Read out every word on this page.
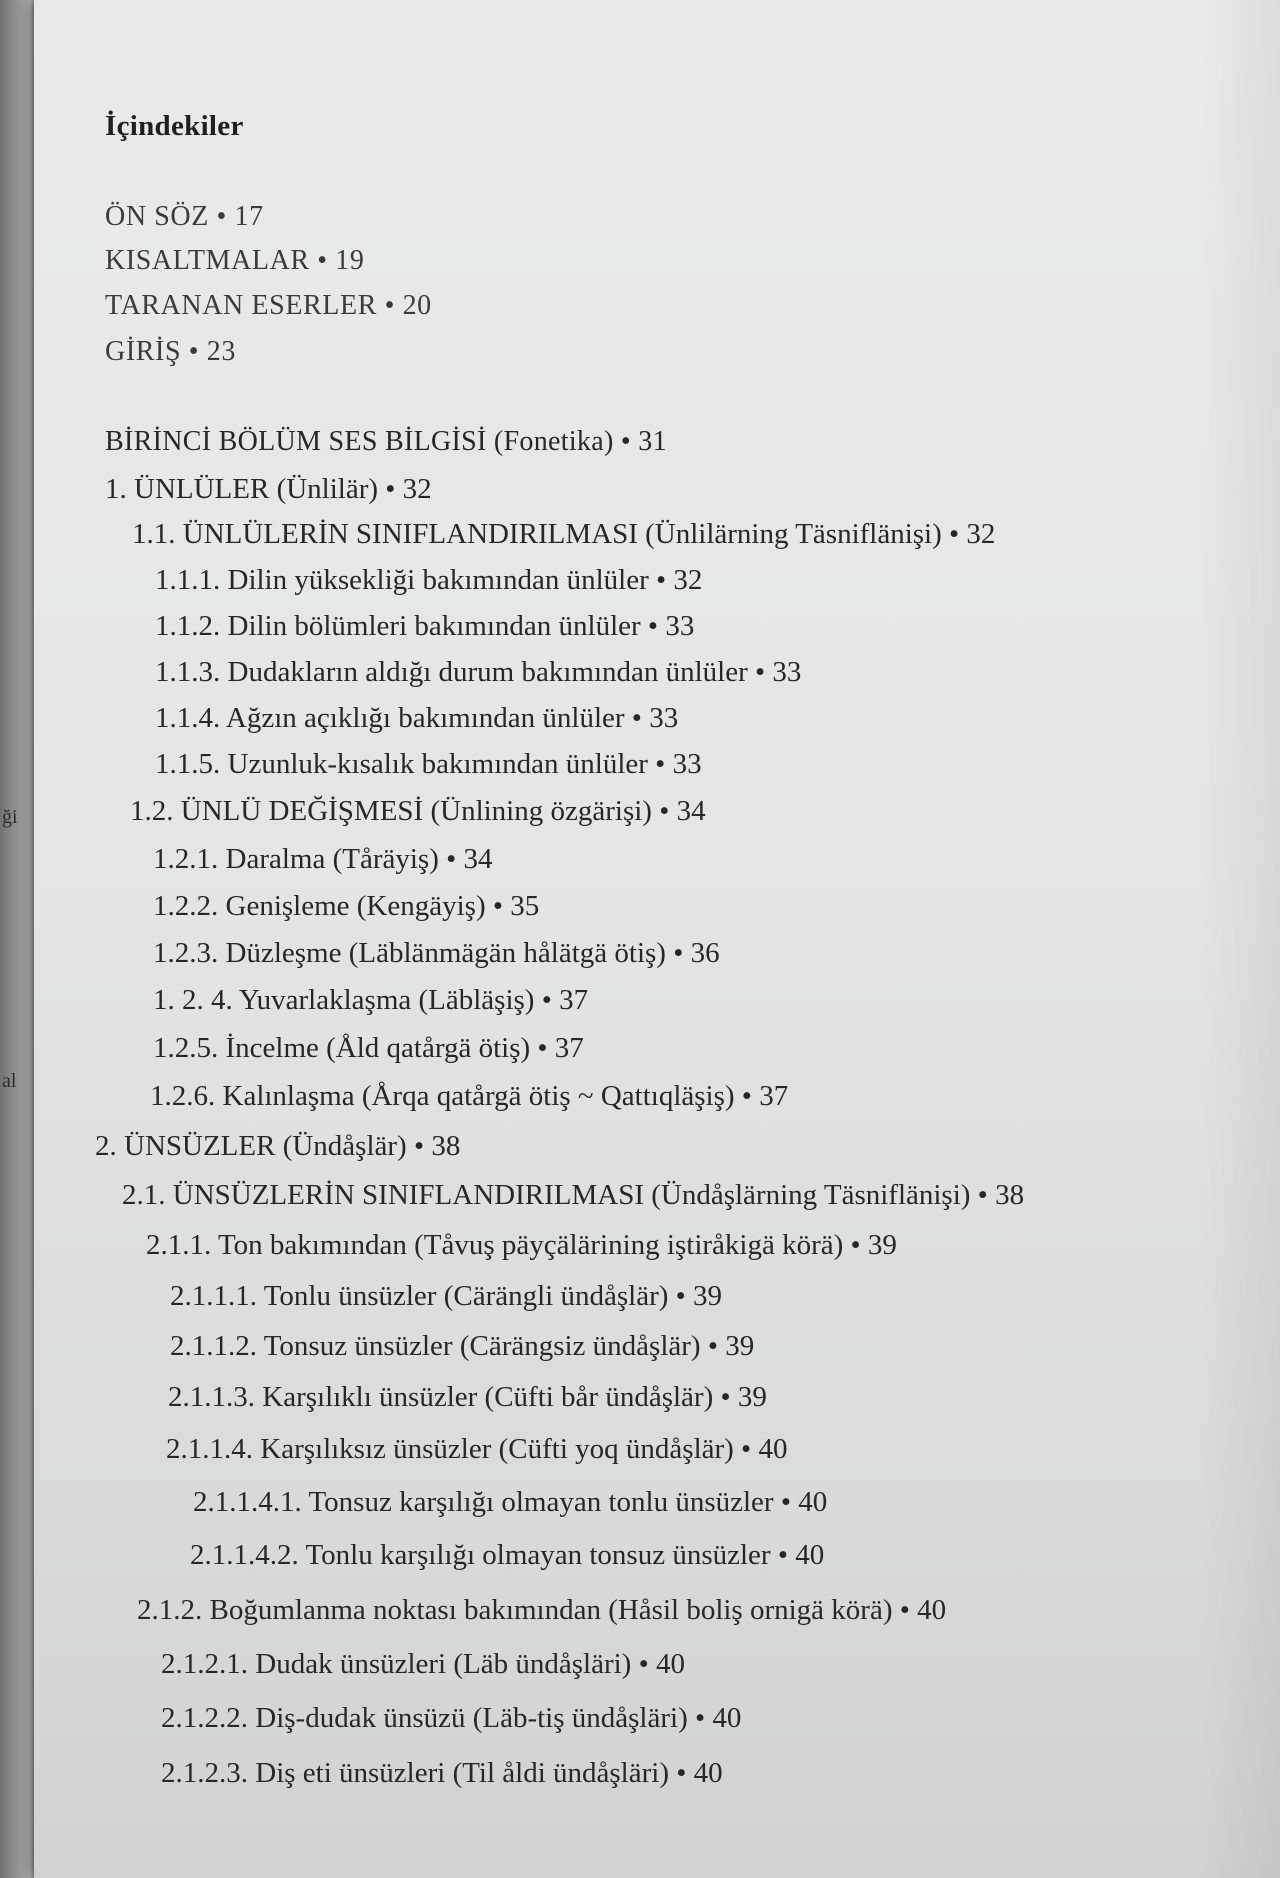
ği
al
İçindekiler
ÖN SÖZ • 17
KISALTMALAR • 19
TARANAN ESERLER • 20
GİRİŞ • 23
BİRİNCİ BÖLÜM SES BİLGİSİ (Fonetika) • 31
1. ÜNLÜLER (Ünlilär) • 32
1.1. ÜNLÜLERİN SINIFLANDIRILMASI (Ünlilärning Täsniflänişi) • 32
1.1.1. Dilin yüksekliği bakımından ünlüler • 32
1.1.2. Dilin bölümleri bakımından ünlüler • 33
1.1.3. Dudakların aldığı durum bakımından ünlüler • 33
1.1.4. Ağzın açıklığı bakımından ünlüler • 33
1.1.5. Uzunluk-kısalık bakımından ünlüler • 33
1.2. ÜNLÜ DEĞİŞMESİ (Ünlining özgärişi) • 34
1.2.1. Daralma (Tåräyiş) • 34
1.2.2. Genişleme (Kengäyiş) • 35
1.2.3. Düzleşme (Läblänmägän hålätgä ötiş) • 36
1. 2. 4. Yuvarlaklaşma (Läbläşiş) • 37
1.2.5. İncelme (Åld qatårgä ötiş) • 37
1.2.6. Kalınlaşma (Årqa qatårgä ötiş ~ Qattıqläşiş) • 37
2. ÜNSÜZLER (Ündåşlär) • 38
2.1. ÜNSÜZLERİN SINIFLANDIRILMASI (Ündåşlärning Täsniflänişi) • 38
2.1.1. Ton bakımından (Tåvuş päyçälärining iştiråkigä körä) • 39
2.1.1.1. Tonlu ünsüzler (Cärängli ündåşlär) • 39
2.1.1.2. Tonsuz ünsüzler (Cärängsiz ündåşlär) • 39
2.1.1.3. Karşılıklı ünsüzler (Cüfti bår ündåşlär) • 39
2.1.1.4. Karşılıksız ünsüzler (Cüfti yoq ündåşlär) • 40
2.1.1.4.1. Tonsuz karşılığı olmayan tonlu ünsüzler • 40
2.1.1.4.2. Tonlu karşılığı olmayan tonsuz ünsüzler • 40
2.1.2. Boğumlanma noktası bakımından (Håsil boliş ornigä körä) • 40
2.1.2.1. Dudak ünsüzleri (Läb ündåşläri) • 40
2.1.2.2. Diş-dudak ünsüzü (Läb-tiş ündåşläri) • 40
2.1.2.3. Diş eti ünsüzleri (Til åldi ündåşläri) • 40
